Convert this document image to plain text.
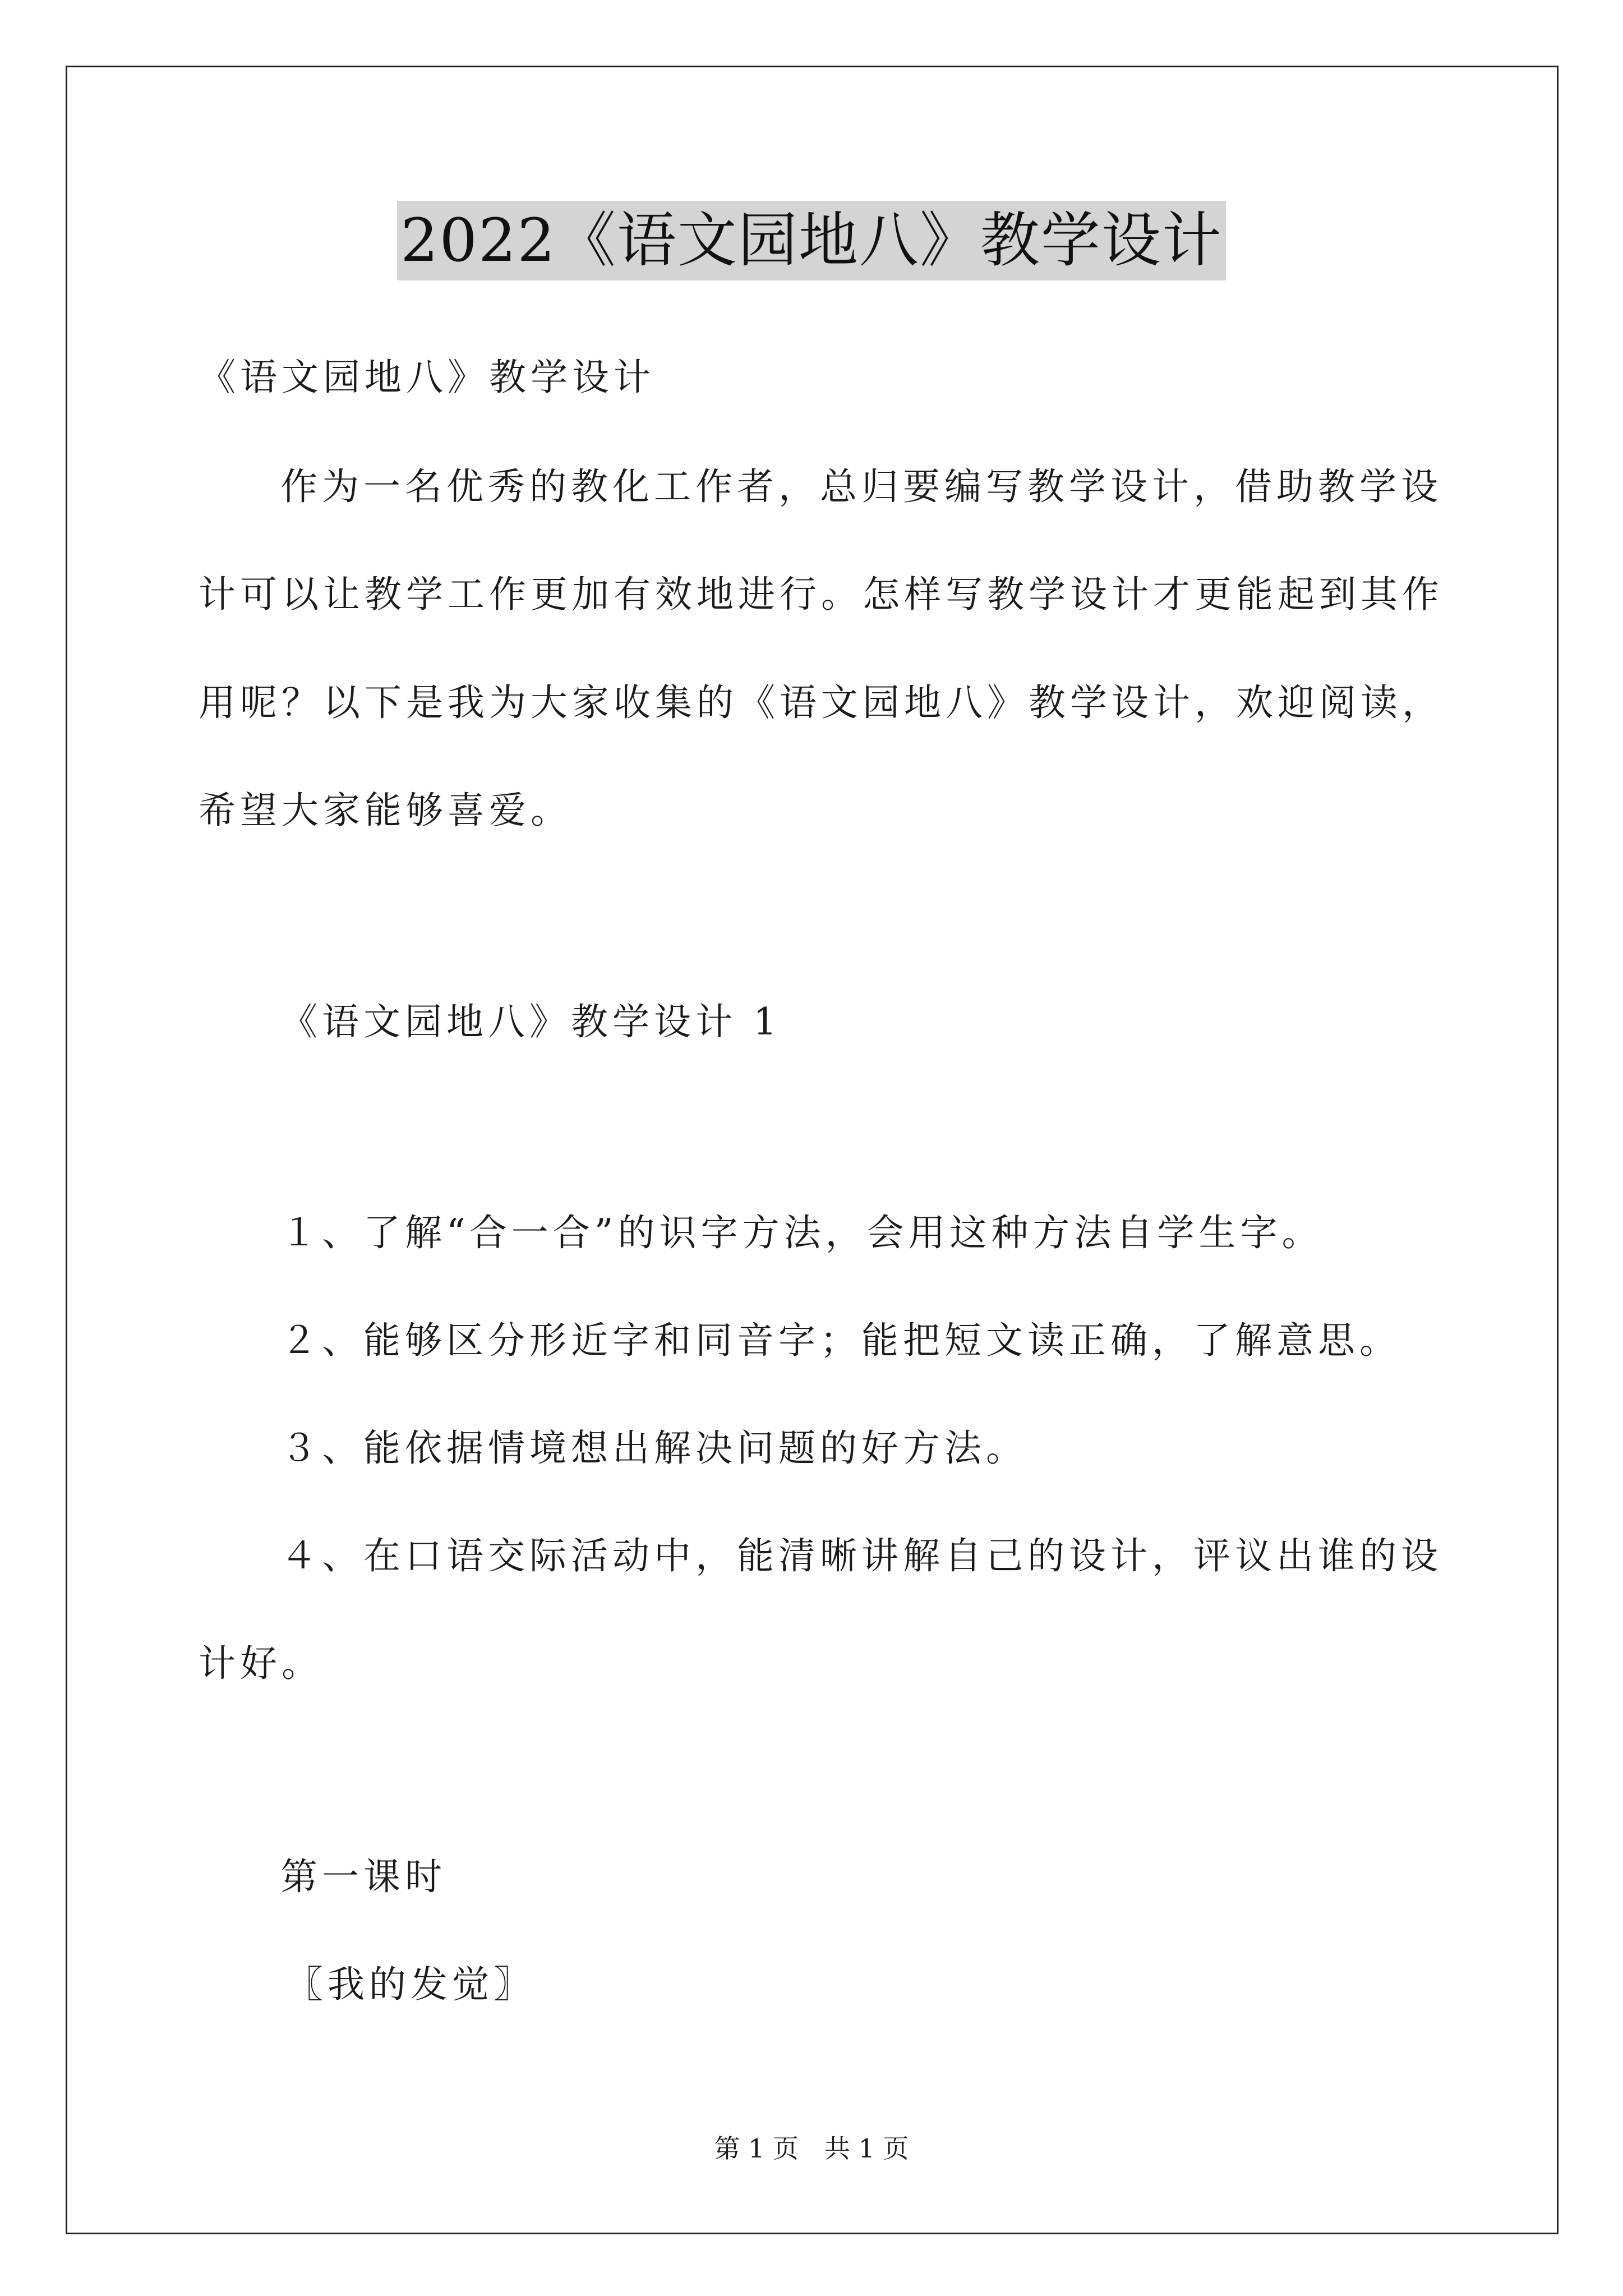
2022《语文园地八》教学设计
《语文园地八》教学设计
作为一名优秀的教化工作者，总归要编写教学设计，借助教学设
计可以让教学工作更加有效地进行。怎样写教学设计才更能起到其作
用呢？以下是我为大家收集的《语文园地八》教学设计，欢迎阅读，
希望大家能够喜爱。
《语文园地八》教学设计 1
１、了解“合一合”的识字方法，会用这种方法自学生字。
２、能够区分形近字和同音字；能把短文读正确，了解意思。
３、能依据情境想出解决问题的好方法。
４、在口语交际活动中，能清晰讲解自己的设计，评议出谁的设
计好。
第一课时
〖我的发觉〗
第 1 页　共 1 页
